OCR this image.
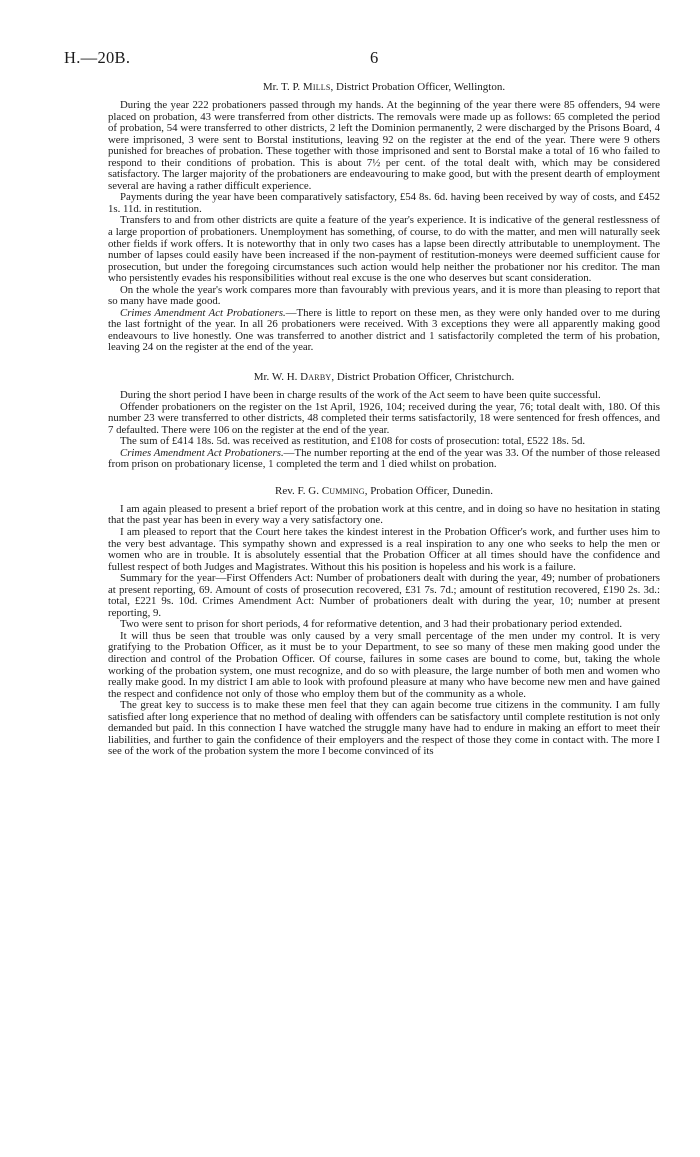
H.—20B.	6
Mr. T. P. Mills, District Probation Officer, Wellington.

During the year 222 probationers passed through my hands. At the beginning of the year there were 85 offenders, 94 were placed on probation, 43 were transferred from other districts. The removals were made up as follows: 65 completed the period of probation, 54 were transferred to other districts, 2 left the Dominion permanently, 2 were discharged by the Prisons Board, 4 were imprisoned, 3 were sent to Borstal institutions, leaving 92 on the register at the end of the year. There were 9 others punished for breaches of probation. These together with those imprisoned and sent to Borstal make a total of 16 who failed to respond to their conditions of probation. This is about 7½ per cent. of the total dealt with, which may be considered satisfactory. The larger majority of the probationers are endeavouring to make good, but with the present dearth of employment several are having a rather difficult experience.

Payments during the year have been comparatively satisfactory, £54 8s. 6d. having been received by way of costs, and £452 1s. 11d. in restitution.

Transfers to and from other districts are quite a feature of the year's experience. It is indicative of the general restlessness of a large proportion of probationers. Unemployment has something, of course, to do with the matter, and men will naturally seek other fields if work offers. It is noteworthy that in only two cases has a lapse been directly attributable to unemployment. The number of lapses could easily have been increased if the non-payment of restitution-moneys were deemed sufficient cause for prosecution, but under the foregoing circumstances such action would help neither the probationer nor his creditor. The man who persistently evades his responsibilities without real excuse is the one who deserves but scant consideration.

On the whole the year's work compares more than favourably with previous years, and it is more than pleasing to report that so many have made good.

Crimes Amendment Act Probationers.—There is little to report on these men, as they were only handed over to me during the last fortnight of the year. In all 26 probationers were received. With 3 exceptions they were all apparently making good endeavours to live honestly. One was transferred to another district and 1 satisfactorily completed the term of his probation, leaving 24 on the register at the end of the year.

Mr. W. H. Darby, District Probation Officer, Christchurch.

During the short period I have been in charge results of the work of the Act seem to have been quite successful.

Offender probationers on the register on the 1st April, 1926, 104; received during the year, 76; total dealt with, 180. Of this number 23 were transferred to other districts, 48 completed their terms satisfactorily, 18 were sentenced for fresh offences, and 7 defaulted. There were 106 on the register at the end of the year.

The sum of £414 18s. 5d. was received as restitution, and £108 for costs of prosecution: total, £522 18s. 5d.

Crimes Amendment Act Probationers.—The number reporting at the end of the year was 33. Of the number of those released from prison on probationary license, 1 completed the term and 1 died whilst on probation.

Rev. F. G. Cumming, Probation Officer, Dunedin.

I am again pleased to present a brief report of the probation work at this centre, and in doing so have no hesitation in stating that the past year has been in every way a very satisfactory one.

I am pleased to report that the Court here takes the kindest interest in the Probation Officer's work, and further uses him to the very best advantage. This sympathy shown and expressed is a real inspiration to any one who seeks to help the men or women who are in trouble. It is absolutely essential that the Probation Officer at all times should have the confidence and fullest respect of both Judges and Magistrates. Without this his position is hopeless and his work is a failure.

Summary for the year—First Offenders Act: Number of probationers dealt with during the year, 49; number of probationers at present reporting, 69. Amount of costs of prosecution recovered, £31 7s. 7d.; amount of restitution recovered, £190 2s. 3d.: total, £221 9s. 10d. Crimes Amendment Act: Number of probationers dealt with during the year, 10; number at present reporting, 9.

Two were sent to prison for short periods, 4 for reformative detention, and 3 had their probationary period extended.

It will thus be seen that trouble was only caused by a very small percentage of the men under my control. It is very gratifying to the Probation Officer, as it must be to your Department, to see so many of these men making good under the direction and control of the Probation Officer. Of course, failures in some cases are bound to come, but, taking the whole working of the probation system, one must recognize, and do so with pleasure, the large number of both men and women who really make good. In my district I am able to look with profound pleasure at many who have become new men and have gained the respect and confidence not only of those who employ them but of the community as a whole.

The great key to success is to make these men feel that they can again become true citizens in the community. I am fully satisfied after long experience that no method of dealing with offenders can be satisfactory until complete restitution is not only demanded but paid. In this connection I have watched the struggle many have had to endure in making an effort to meet their liabilities, and further to gain the confidence of their employers and the respect of those they come in contact with. The more I see of the work of the probation system the more I become convinced of its
